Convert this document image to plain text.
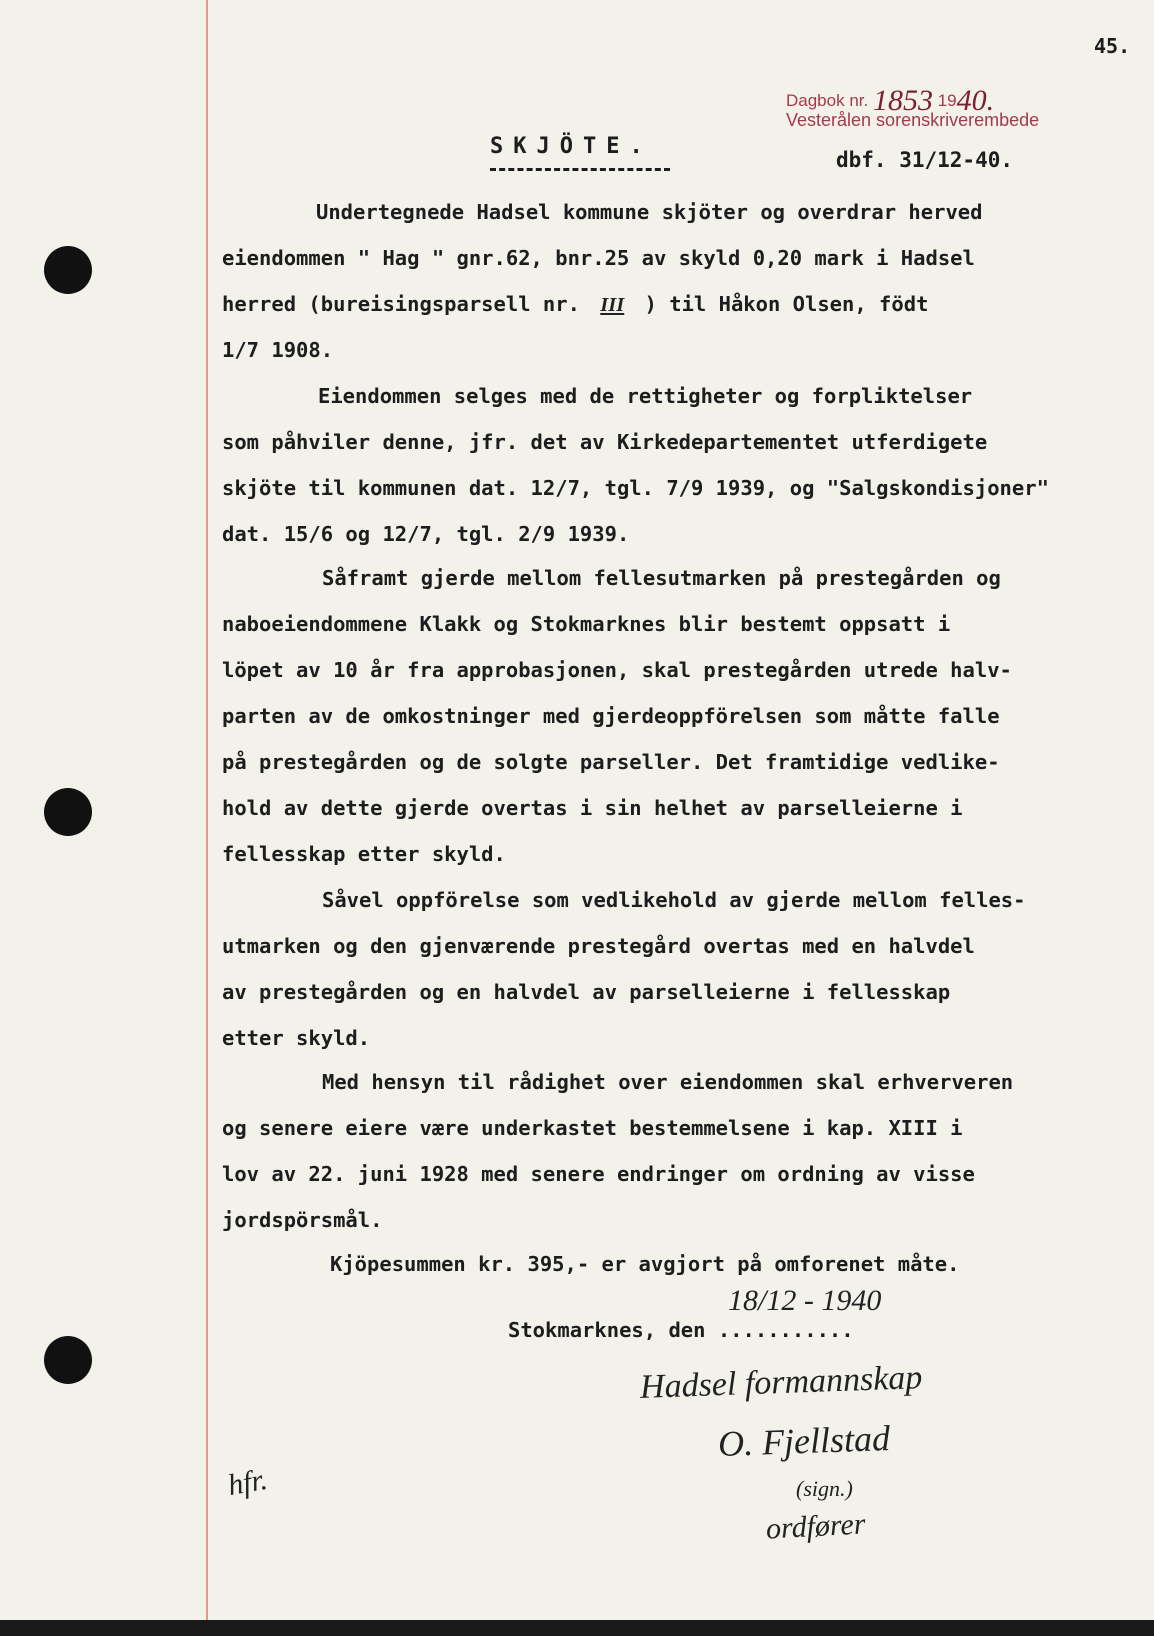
45.
Dagbok nr. 1853 1940.
Vesterålen sorenskriverembede
dbf. 31/12-40.
SKJÖTE.
Undertegnede Hadsel kommune skjöter og overdrar herved
eiendommen " Hag " gnr.62, bnr.25 av skyld 0,20 mark i Hadsel
herred (bureisingsparsell nr. III ) til Håkon Olsen, födt
1/7 1908.
Eiendommen selges med de rettigheter og forpliktelser
som påhviler denne, jfr. det av Kirkedepartementet utferdigete
skjöte til kommunen dat. 12/7, tgl. 7/9 1939, og "Salgskondisjoner"
dat. 15/6 og 12/7, tgl. 2/9 1939.
Såframt gjerde mellom fellesutmarken på prestegården og
naboeiendommene Klakk og Stokmarknes blir bestemt oppsatt i
löpet av 10 år fra approbasjonen, skal prestegården utrede halv-
parten av de omkostninger med gjerdeoppförelsen som måtte falle
på prestegården og de solgte parseller. Det framtidige vedlike-
hold av dette gjerde overtas i sin helhet av parselleierne i
fellesskap etter skyld.
Såvel oppförelse som vedlikehold av gjerde mellom felles-
utmarken og den gjenværende prestegård overtas med en halvdel
av prestegården og en halvdel av parselleierne i fellesskap
etter skyld.
Med hensyn til rådighet over eiendommen skal erhververen
og senere eiere være underkastet bestemmelsene i kap. XIII i
lov av 22. juni 1928 med senere endringer om ordning av visse
jordspörsmål.
Kjöpesummen kr. 395,- er avgjort på omforenet måte.
Stokmarknes, den ...........
18/12 - 1940
Hadsel formannskap
O. Fjellstad
(sign.)
ordfører
hfr.
